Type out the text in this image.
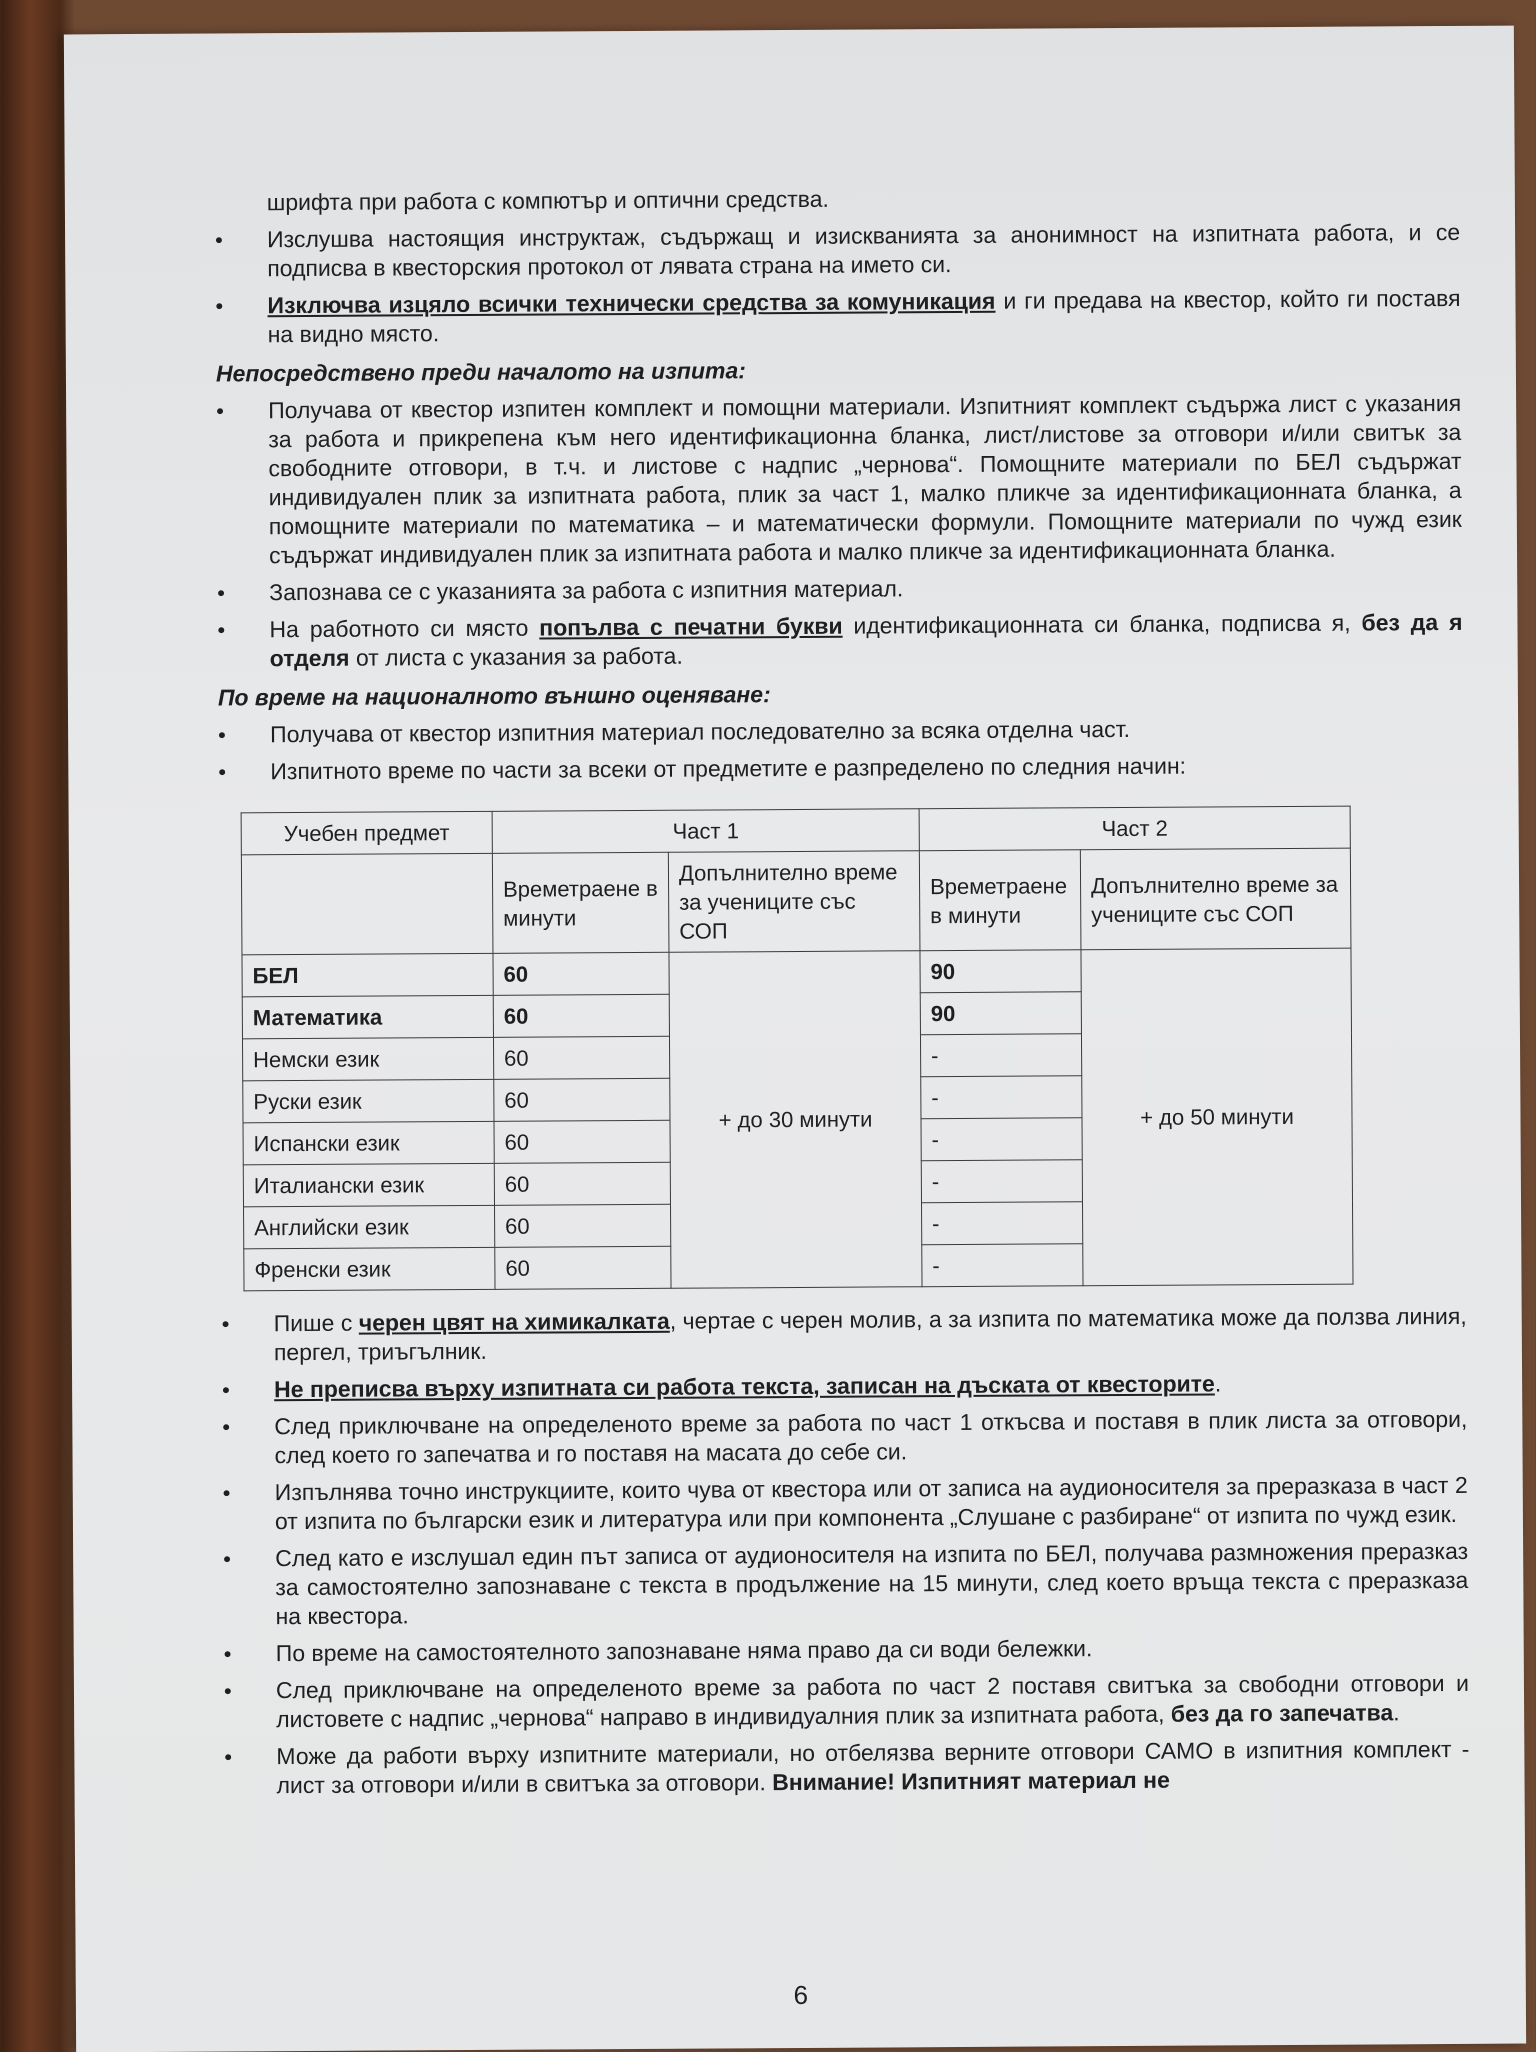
шрифта при работа с компютър и оптични средства.

• Изслушва настоящия инструктаж, съдържащ и изискванията за анонимност на изпитната работа, и се подписва в квесторския протокол от лявата страна на името си.

• Изключва изцяло всички технически средства за комуникация и ги предава на квестор, който ги поставя на видно място.

Непосредствено преди началото на изпита:

• Получава от квестор изпитен комплект и помощни материали. Изпитният комплект съдържа лист с указания за работа и прикрепена към него идентификационна бланка, лист/листове за отговори и/или свитък за свободните отговори, в т.ч. и листове с надпис „чернова“. Помощните материали по БЕЛ съдържат индивидуален плик за изпитната работа, плик за част 1, малко пликче за идентификационната бланка, а помощните материали по математика – и математически формули. Помощните материали по чужд език съдържат индивидуален плик за изпитната работа и малко пликче за идентификационната бланка.

• Запознава се с указанията за работа с изпитния материал.

• На работното си място попълва с печатни букви идентификационната си бланка, подписва я, без да я отделя от листа с указания за работа.

По време на националното външно оценяване:

• Получава от квестор изпитния материал последователно за всяка отделна част.

• Изпитното време по части за всеки от предметите е разпределено по следния начин:

Учебен предмет	Част 1		Част 2	
	Времетраене в минути	Допълнително време за учениците със СОП	Времетраене в минути	Допълнително време за учениците със СОП
БЕЛ	60	+ до 30 минути	90	+ до 50 минути
Математика	60		90	
Немски език	60		-	
Руски език	60		-	
Испански език	60		-	
Италиански език	60		-	
Английски език	60		-	
Френски език	60		-	

• Пише с черен цвят на химикалката, чертае с черен молив, а за изпита по математика може да ползва линия, пергел, триъгълник.

• Не преписва върху изпитната си работа текста, записан на дъската от квесторите.

• След приключване на определеното време за работа по част 1 откъсва и поставя в плик листа за отговори, след което го запечатва и го поставя на масата до себе си.

• Изпълнява точно инструкциите, които чува от квестора или от записа на аудионосителя за преразказа в част 2 от изпита по български език и литература или при компонента „Слушане с разбиране“ от изпита по чужд език.

• След като е изслушал един път записа от аудионосителя на изпита по БЕЛ, получава размножения преразказ за самостоятелно запознаване с текста в продължение на 15 минути, след което връща текста с преразказа на квестора.

• По време на самостоятелното запознаване няма право да си води бележки.

• След приключване на определеното време за работа по част 2 поставя свитъка за свободни отговори и листовете с надпис „чернова“ направо в индивидуалния плик за изпитната работа, без да го запечатва.

• Може да работи върху изпитните материали, но отбелязва верните отговори САМО в изпитния комплект - лист за отговори и/или в свитъка за отговори. Внимание! Изпитният материал не

6
